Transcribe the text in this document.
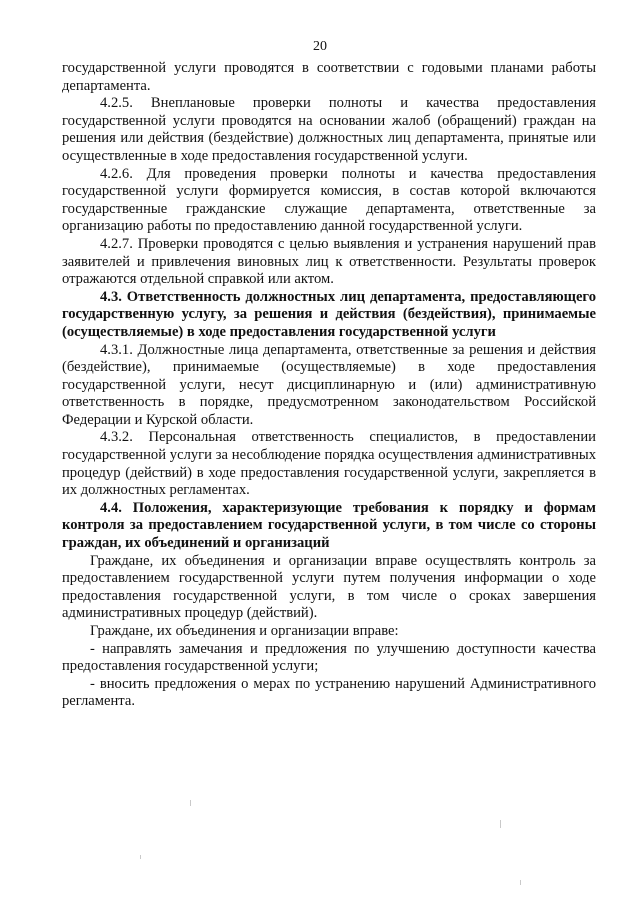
20

государственной услуги проводятся в соответствии с годовыми планами работы департамента.

4.2.5. Внеплановые проверки полноты и качества предоставления государственной услуги проводятся на основании жалоб (обращений) граждан на решения или действия (бездействие) должностных лиц департамента, принятые или осуществленные в ходе предоставления государственной услуги.

4.2.6. Для проведения проверки полноты и качества предоставления государственной услуги формируется комиссия, в состав которой включаются государственные гражданские служащие департамента, ответственные за организацию работы по предоставлению данной государственной услуги.

4.2.7. Проверки проводятся с целью выявления и устранения нарушений прав заявителей и привлечения виновных лиц к ответственности. Результаты проверок отражаются отдельной справкой или актом.

4.3. Ответственность должностных лиц департамента, предоставляющего государственную услугу, за решения и действия (бездействия), принимаемые (осуществляемые) в ходе предоставления государственной услуги

4.3.1. Должностные лица департамента, ответственные за решения и действия (бездействие), принимаемые (осуществляемые) в ходе предоставления государственной услуги, несут дисциплинарную и (или) административную ответственность в порядке, предусмотренном законодательством Российской Федерации и Курской области.

4.3.2. Персональная ответственность специалистов, в предоставлении государственной услуги за несоблюдение порядка осуществления административных процедур (действий) в ходе предоставления государственной услуги, закрепляется в их должностных регламентах.

4.4. Положения, характеризующие требования к порядку и формам контроля за предоставлением государственной услуги, в том числе со стороны граждан, их объединений и организаций

Граждане, их объединения и организации вправе осуществлять контроль за предоставлением государственной услуги путем получения информации о ходе предоставления государственной услуги, в том числе о сроках завершения административных процедур (действий).

Граждане, их объединения и организации вправе:

- направлять замечания и предложения по улучшению доступности качества предоставления государственной услуги;

- вносить предложения о мерах по устранению нарушений Административного регламента.
